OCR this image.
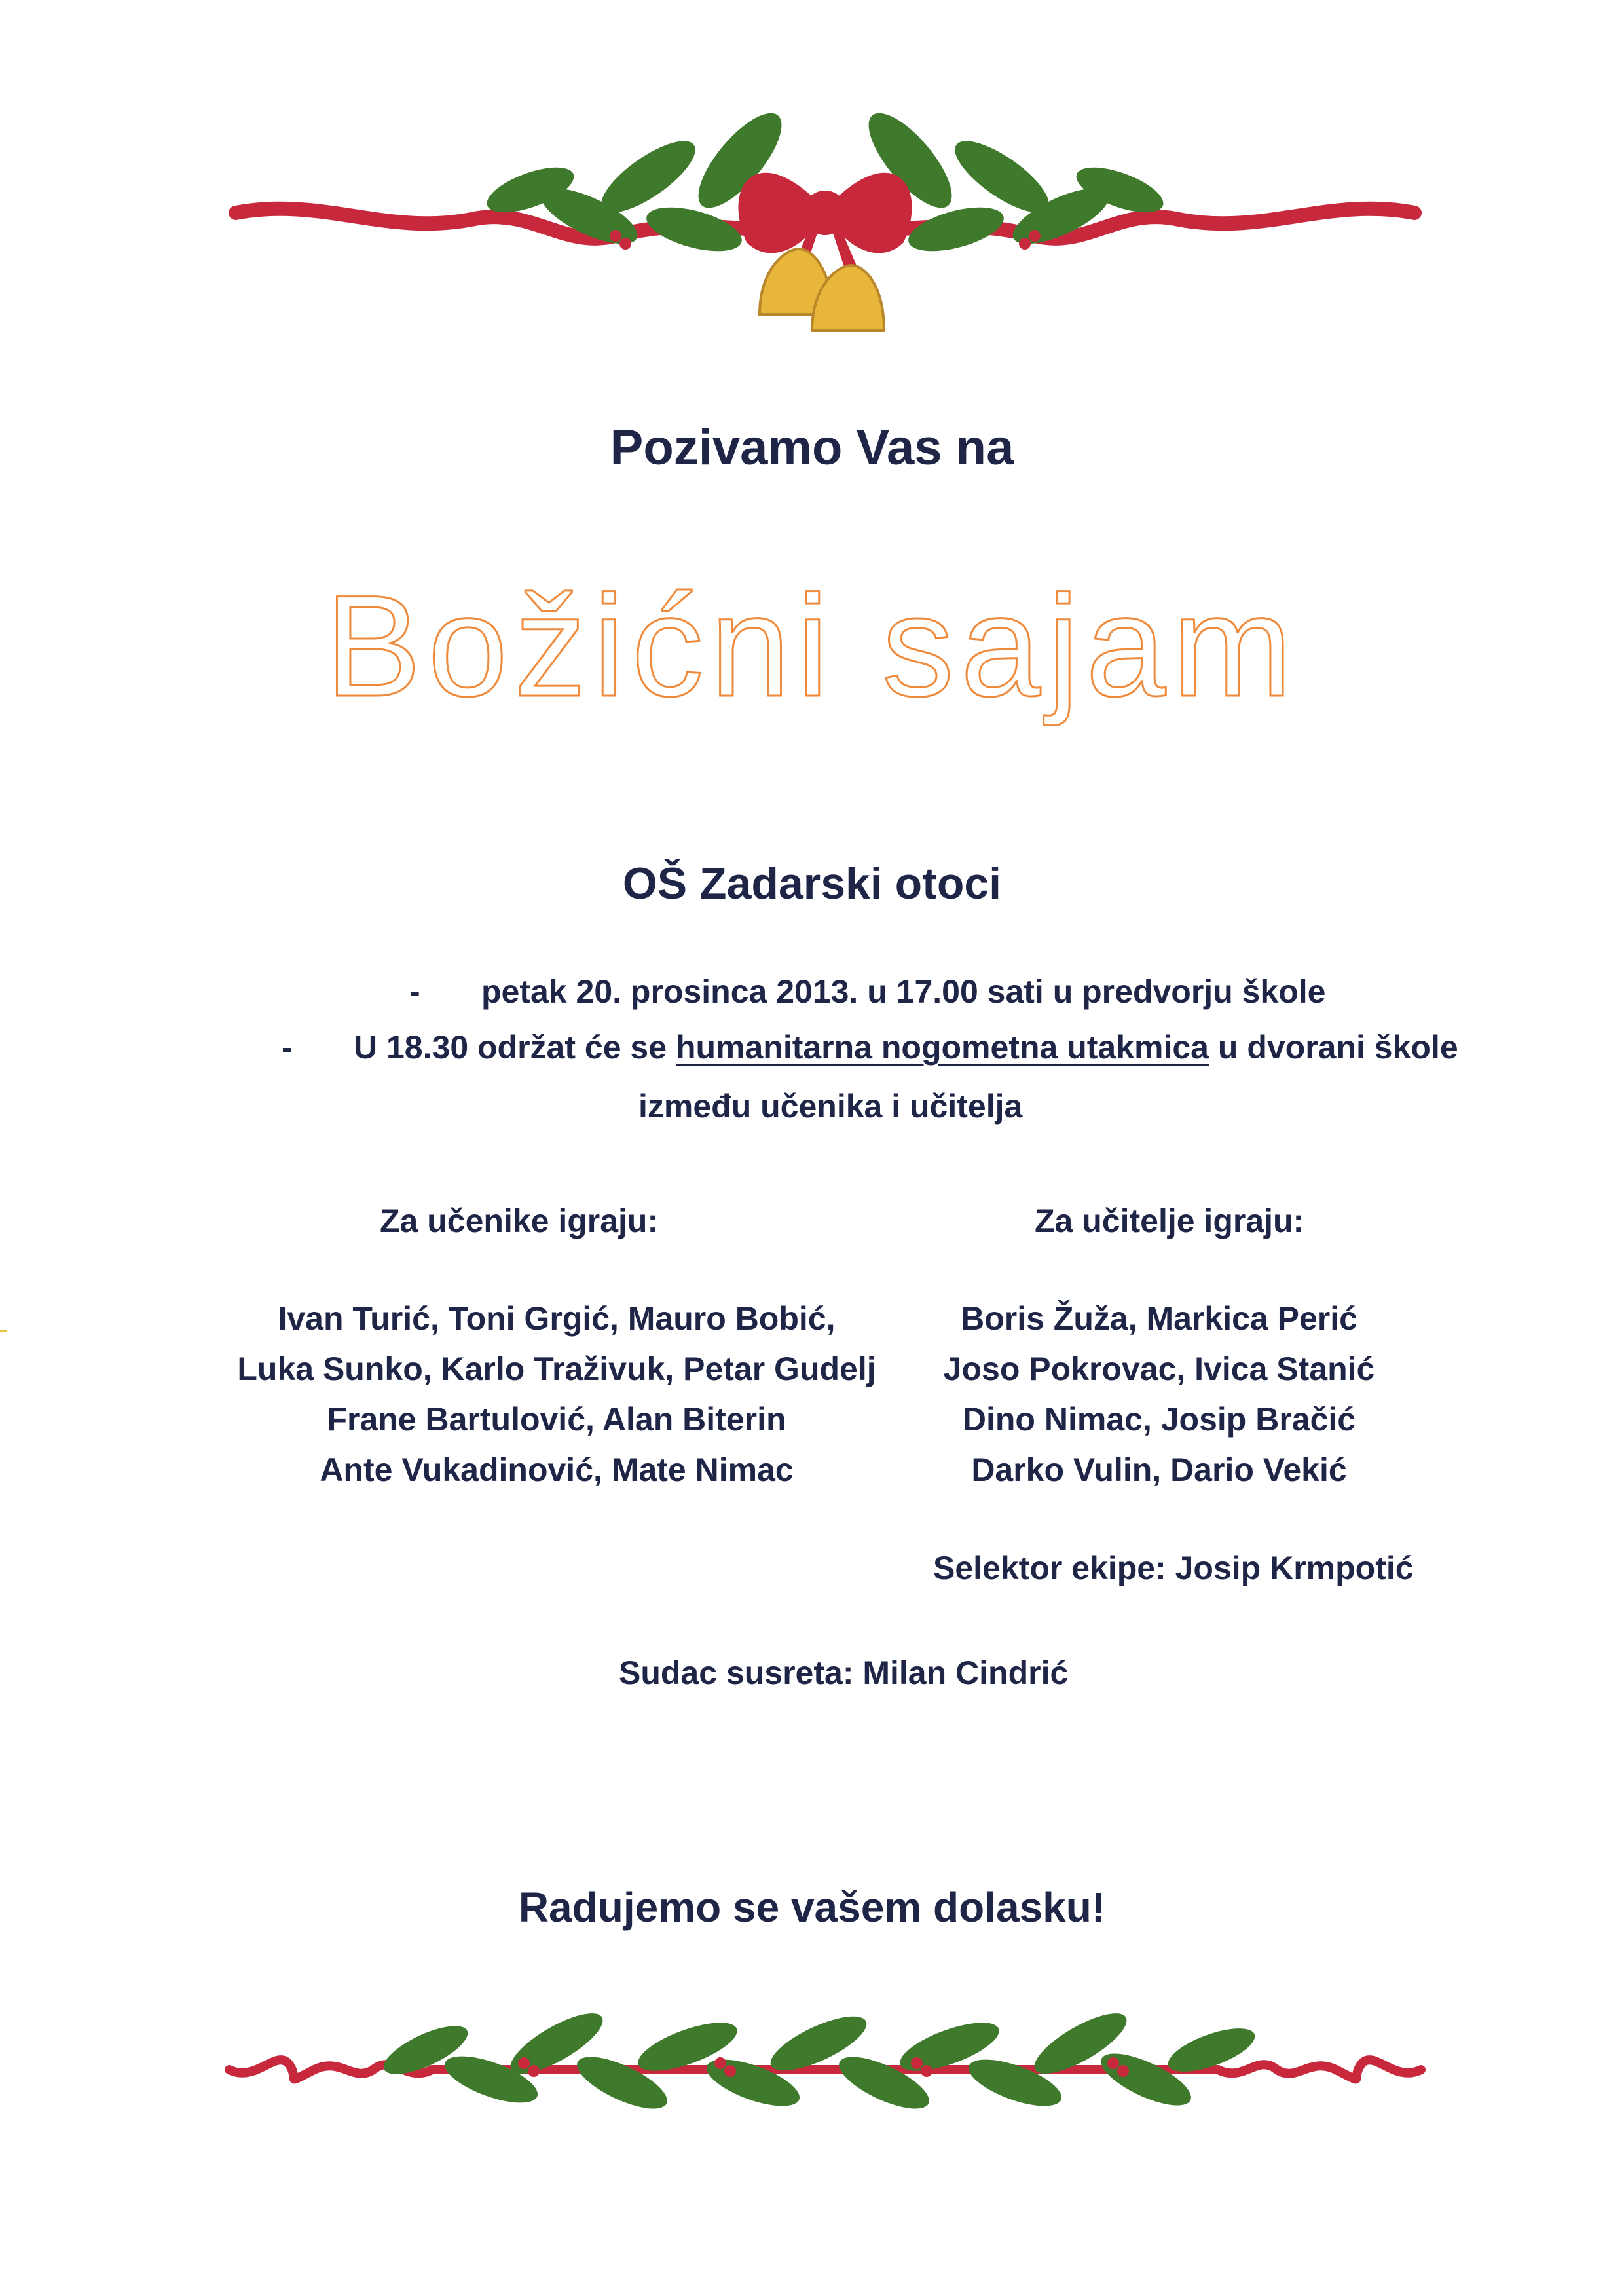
Pozivamo Vas na
Božićni sajam
OŠ Zadarski otoci
- petak 20. prosinca 2013. u 17.00 sati u predvorju škole
- U 18.30 održat će se humanitarna nogometna utakmica u dvorani škole
između učenika i učitelja
Za učenike igraju:	Za učitelje igraju:
Ivan Turić, Toni Grgić, Mauro Bobić,
Luka Sunko, Karlo Traživuk, Petar Gudelj
Frane Bartulović, Alan Biterin
Ante Vukadinović, Mate Nimac
Boris Žuža, Markica Perić
Joso Pokrovac, Ivica Stanić
Dino Nimac, Josip Bračić
Darko Vulin, Dario Vekić
Selektor ekipe: Josip Krmpotić
Sudac susreta: Milan Cindrić
Radujemo se vašem dolasku!
